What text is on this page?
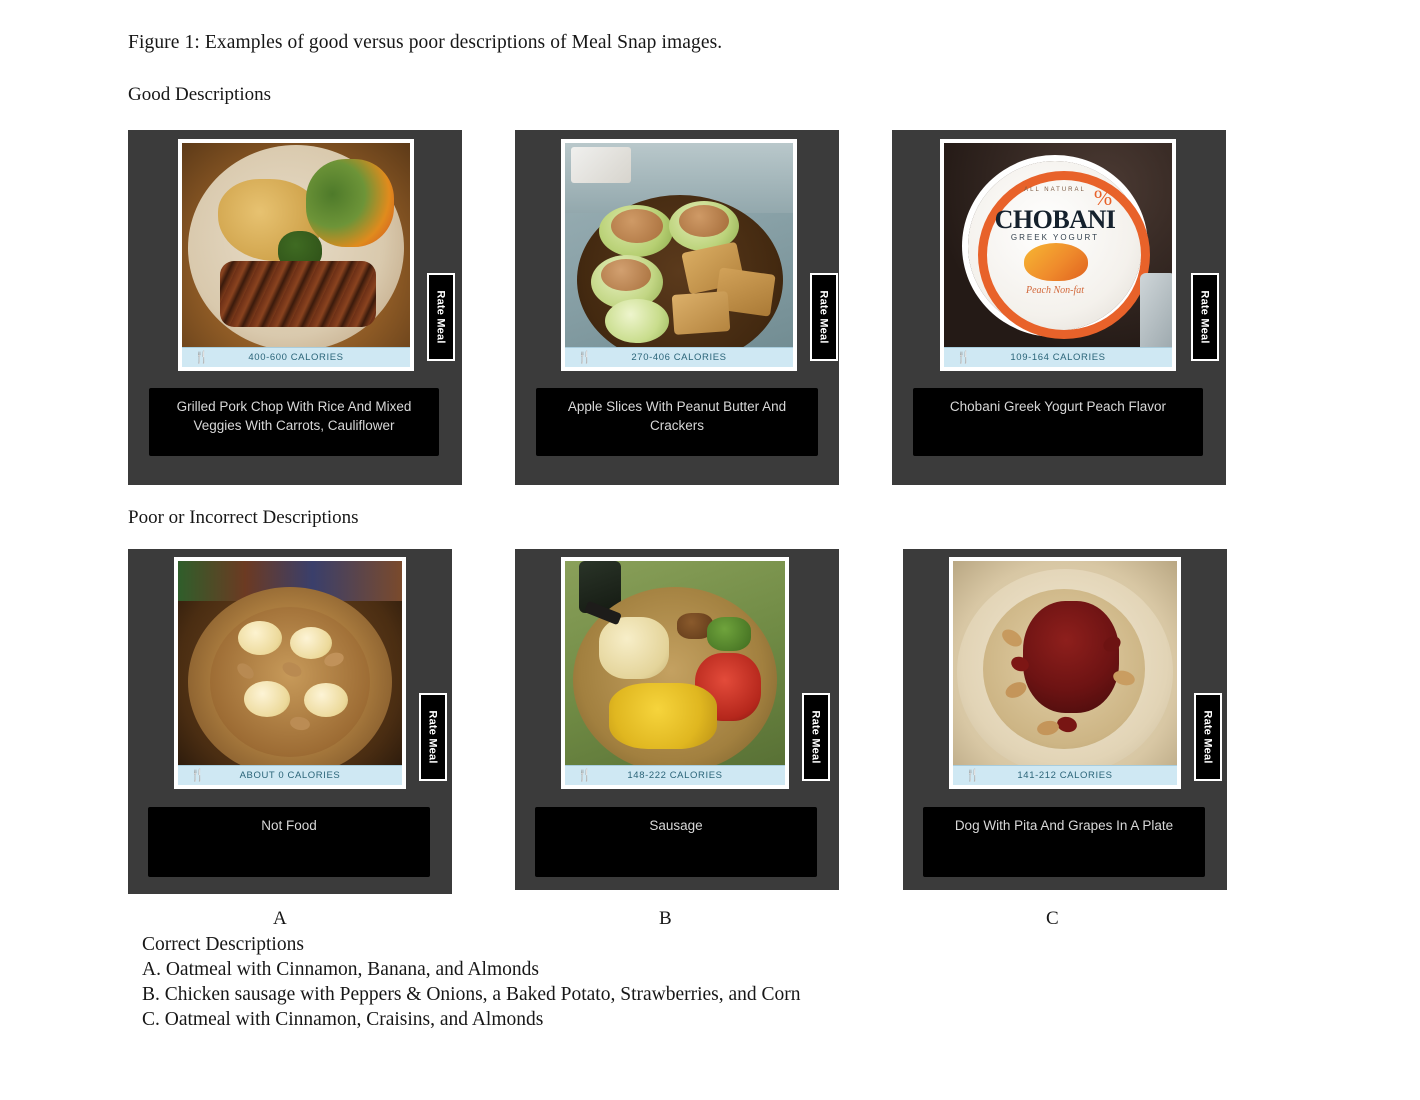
Figure 1: Examples of good versus poor descriptions of Meal Snap images.
Good Descriptions
Poor or Incorrect Descriptions
🍴	400-600 CALORIES
Rate Meal
Grilled Pork Chop With Rice And Mixed Veggies With Carrots, Cauliflower
🍴	270-406 CALORIES
Rate Meal
Apple Slices With Peanut Butter And Crackers
CHOBANI
GREEK YOGURT
ALL NATURAL %
Peach Non-fat
🍴	109-164 CALORIES
Rate Meal
Chobani Greek Yogurt Peach Flavor
🍴	ABOUT 0 CALORIES
Rate Meal
Not Food
🍴	148-222 CALORIES
Rate Meal
Sausage
🍴	141-212 CALORIES
Rate Meal
Dog With Pita And Grapes In A Plate
A	B	C
Correct Descriptions
A. Oatmeal with Cinnamon, Banana, and Almonds
B. Chicken sausage with Peppers & Onions, a Baked Potato, Strawberries, and Corn
C. Oatmeal with Cinnamon, Craisins, and Almonds
